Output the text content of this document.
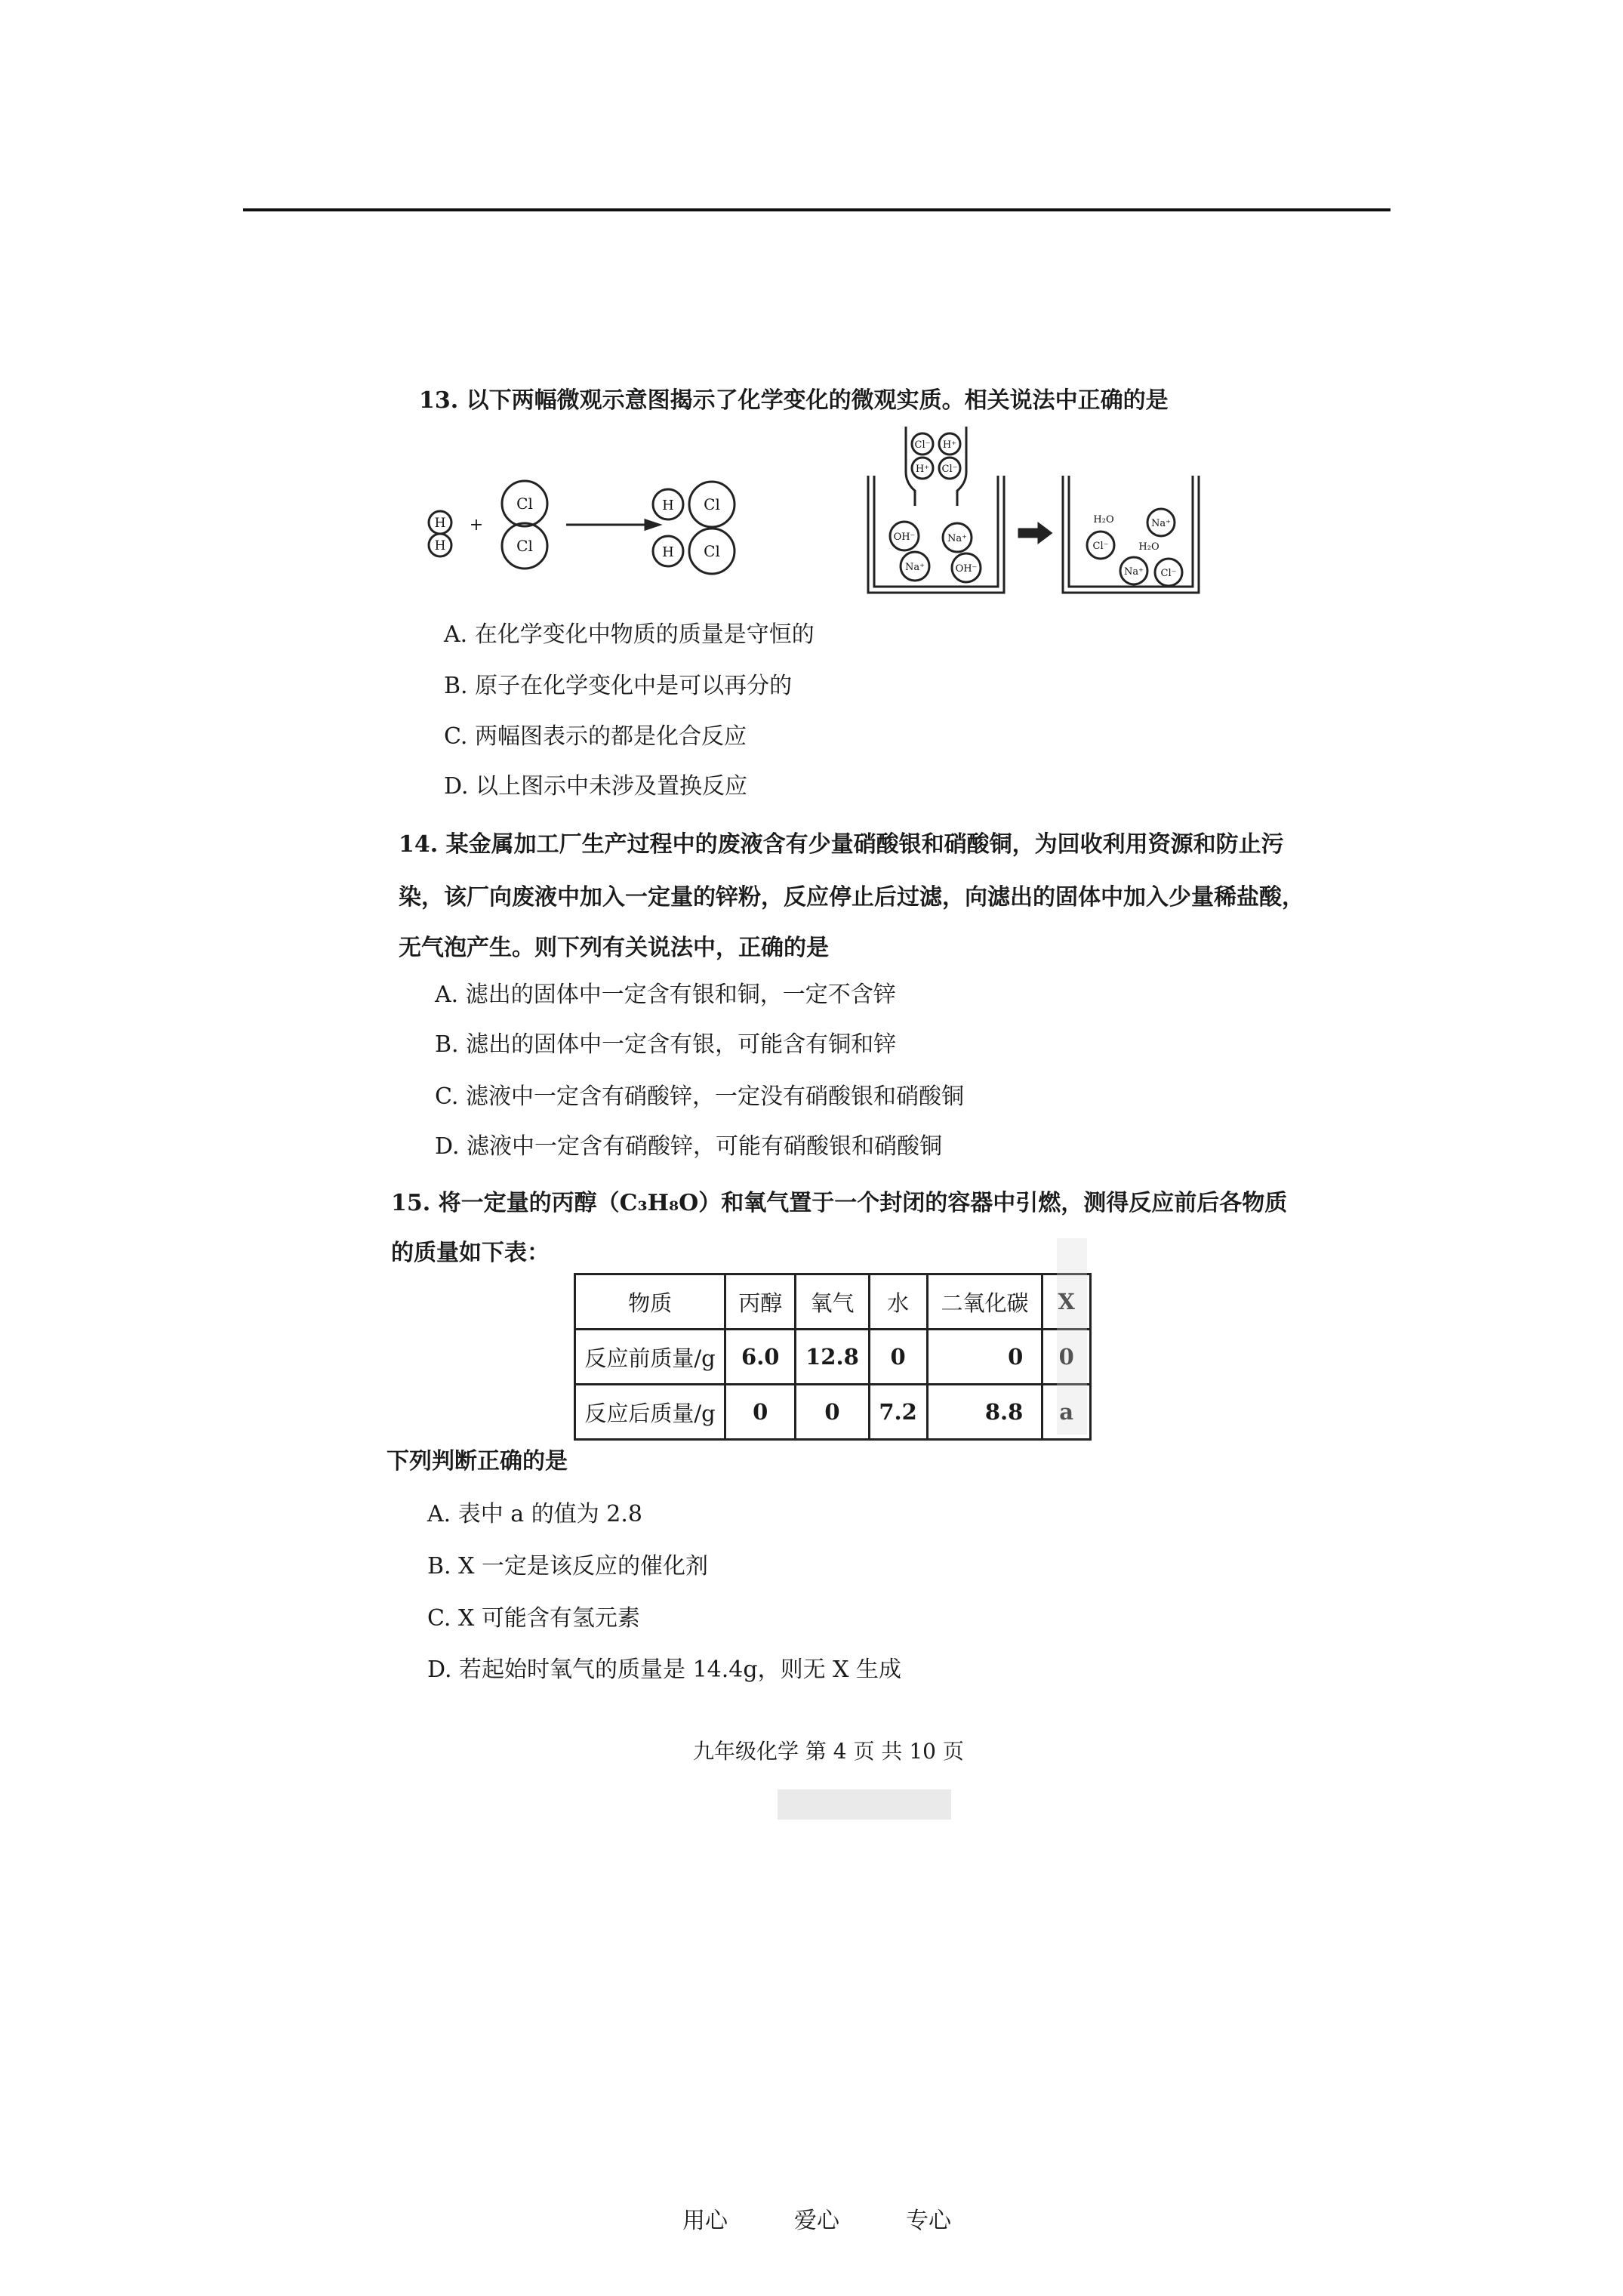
13. 以下两幅微观示意图揭示了化学变化的微观实质。相关说法中正确的是
H
H
+
Cl
Cl
H Cl
H Cl
Cl⁻ H⁺
H⁺ Cl⁻
OH⁻	Na⁺
Na⁺	OH⁻
H₂O	Na⁺
Cl⁻	H₂O
Na⁺ Cl⁻
A. 在化学变化中物质的质量是守恒的
B. 原子在化学变化中是可以再分的
C. 两幅图表示的都是化合反应
D. 以上图示中未涉及置换反应
14. 某金属加工厂生产过程中的废液含有少量硝酸银和硝酸铜，为回收利用资源和防止污
染，该厂向废液中加入一定量的锌粉，反应停止后过滤，向滤出的固体中加入少量稀盐酸，
无气泡产生。则下列有关说法中，正确的是
A. 滤出的固体中一定含有银和铜，一定不含锌
B. 滤出的固体中一定含有银，可能含有铜和锌
C. 滤液中一定含有硝酸锌，一定没有硝酸银和硝酸铜
D. 滤液中一定含有硝酸锌，可能有硝酸银和硝酸铜
15. 将一定量的丙醇（C₃H₈O）和氧气置于一个封闭的容器中引燃，测得反应前后各物质
的质量如下表：
物质	丙醇	氧气	水	二氧化碳	X
反应前质量/g	6.0	12.8	0	0	0
反应后质量/g	0	0	7.2	8.8	a
下列判断正确的是
A. 表中 a 的值为 2.8
B. X 一定是该反应的催化剂
C. X 可能含有氢元素
D. 若起始时氧气的质量是 14.4g，则无 X 生成
九年级化学 第 4 页 共 10 页
用心	爱心	专心
